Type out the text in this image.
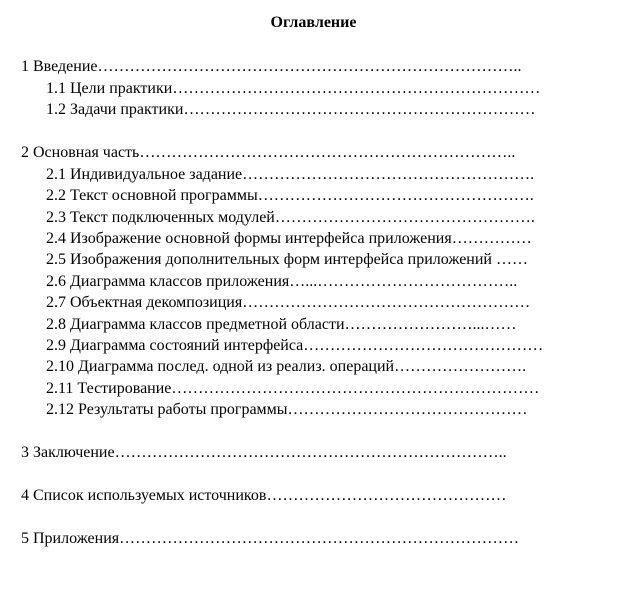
Оглавление
1 Введение……………………………………………………………………..
1.1 Цели практики……………………………………………………………
1.2 Задачи практики…………………………………………………………
2 Основная часть……………………………………………………………..
2.1 Индивидуальное задание……………………………………………….
2.2 Текст основной программы…………………………………………….
2.3 Текст подключенных модулей………………………………………….
2.4 Изображение основной формы интерфейса приложения……………
2.5 Изображения дополнительных форм интерфейса приложений ……
2.6 Диаграмма классов приложения…...………………………………..
2.7 Объектная декомпозиция………………………………………………
2.8 Диаграмма классов предметной области……………………...……
2.9 Диаграмма состояний интерфейса………………………………………
2.10 Диаграмма послед. одной из реализ. операций…………………….
2.11 Тестирование……………………………………………………………
2.12 Результаты работы программы………………………………………
3 Заключение………………………………………………………………..
4 Список используемых источников………………………………………
5 Приложения…………………………………………………………………
